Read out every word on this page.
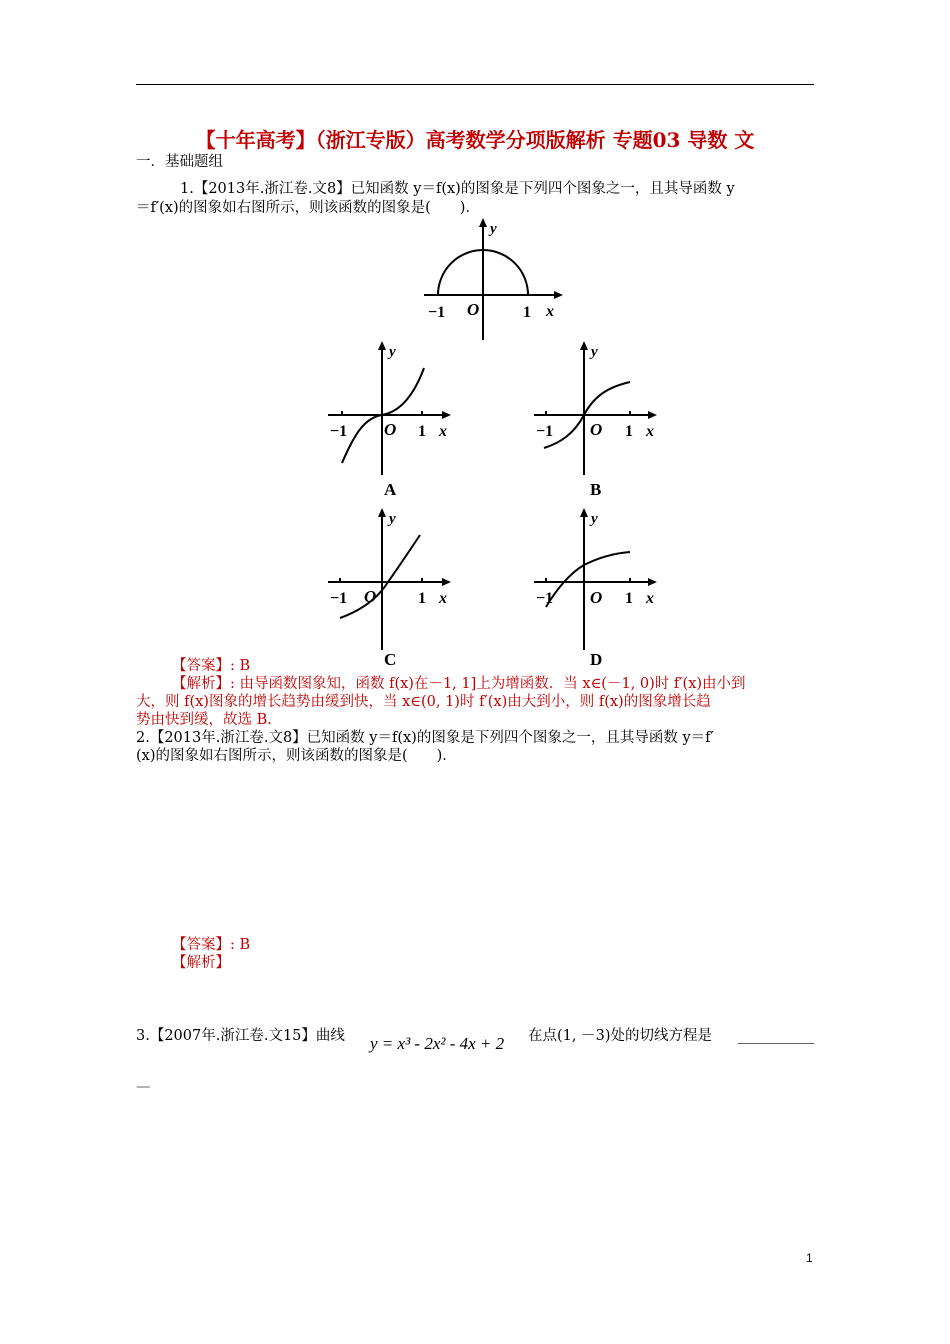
【十年高考】（浙江专版）高考数学分项版解析 专题03 导数 文
一．基础题组
1.【2013年.浙江卷.文8】已知函数 y＝f(x)的图象是下列四个图象之一，且其导函数 y
＝f′(x)的图象如右图所示，则该函数的图象是(　　)．
y
−1 O	1 x
y
−1 O 1 x
A
y
−1 O 1 x
B
y
−1 O	1 x
C
y
−1 O 1 x
D
【答案】: B
【解析】: 由导函数图象知，函数 f(x)在－1, 1]上为增函数．当 x∈(－1, 0)时 f′(x)由小到
大，则 f(x)图象的增长趋势由缓到快，当 x∈(0, 1)时 f′(x)由大到小，则 f(x)的图象增长趋
势由快到缓，故选 B.
2.【2013年.浙江卷.文8】已知函数 y＝f(x)的图象是下列四个图象之一，且其导函数 y＝f′
(x)的图象如右图所示，则该函数的图象是(　　)．
【答案】: B
【解析】
3.【2007年.浙江卷.文15】曲线 y = x³ - 2x² - 4x + 2 在点(1, －3)处的切线方程是
—
1
